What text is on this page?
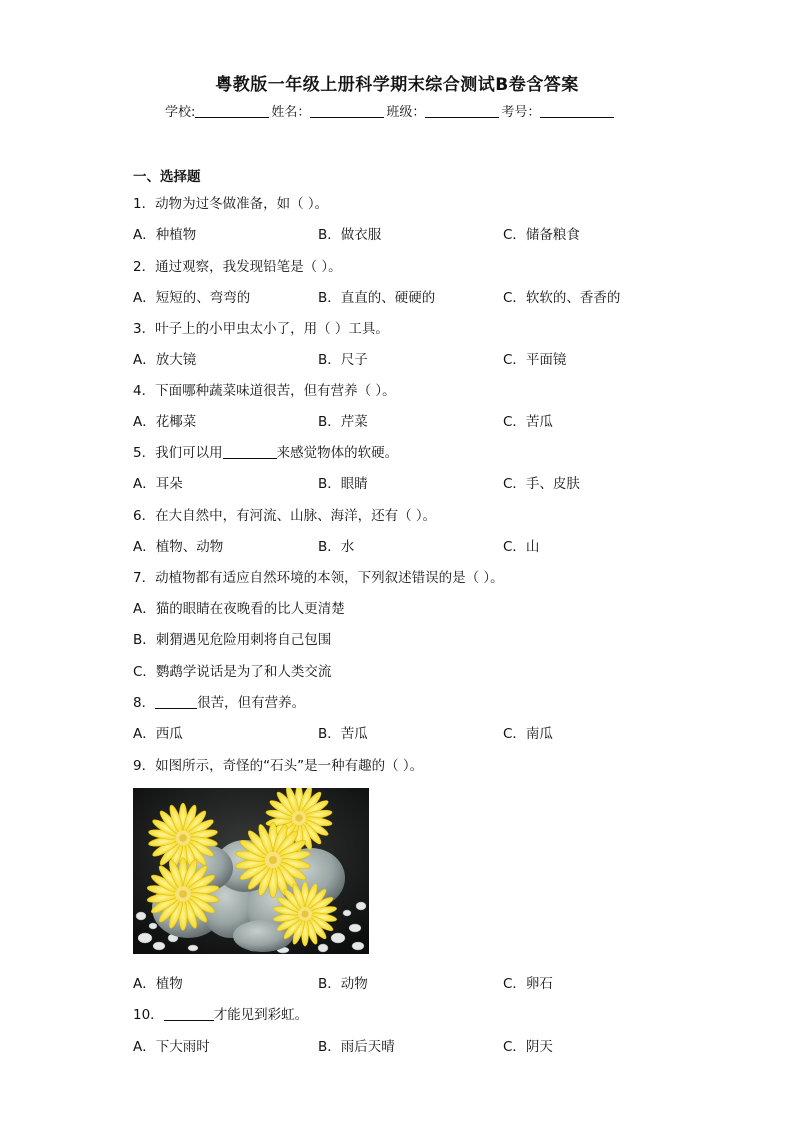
粤教版一年级上册科学期末综合测试B卷含答案
学校:	姓名：	班级：	考号：
一、选择题
1．动物为过冬做准备，如（ ）。
A．种植物	B．做衣服	C．储备粮食
2．通过观察，我发现铅笔是（ ）。
A．短短的、弯弯的	B．直直的、硬硬的	C．软软的、香香的
3．叶子上的小甲虫太小了，用（ ）工具。
A．放大镜	B．尺子	C．平面镜
4．下面哪种蔬菜味道很苦，但有营养（ ）。
A．花椰菜	B．芹菜	C．苦瓜
5．我们可以用	来感觉物体的软硬。
A．耳朵	B．眼睛	C．手、皮肤
6．在大自然中，有河流、山脉、海洋，还有（ ）。
A．植物、动物	B．水	C．山
7．动植物都有适应自然环境的本领，下列叙述错误的是（ ）。
A．猫的眼睛在夜晚看的比人更清楚
B．刺猬遇见危险用刺将自己包围
C．鹦鹉学说话是为了和人类交流
8．	很苦，但有营养。
A．西瓜	B．苦瓜	C．南瓜
9．如图所示，奇怪的“石头”是一种有趣的（ ）。
A．植物	B．动物	C．卵石
10．	才能见到彩虹。
A．下大雨时	B．雨后天晴	C．阴天
